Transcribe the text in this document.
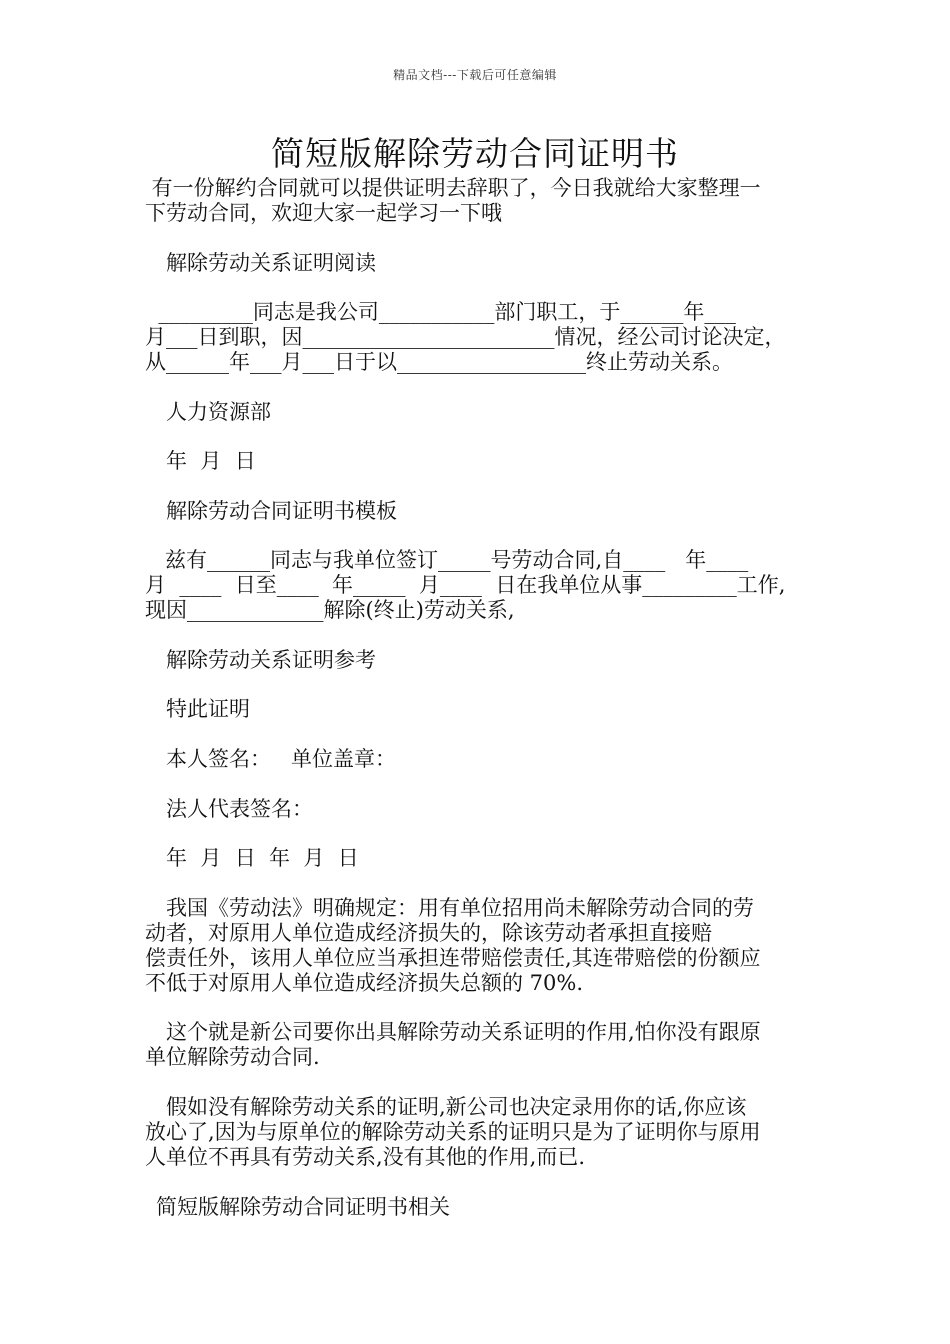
精品文档---下载后可任意编辑
简短版解除劳动合同证明书
有一份解约合同就可以提供证明去辞职了，今日我就给大家整理一
下劳动合同，欢迎大家一起学习一下哦
解除劳动关系证明阅读
_________同志是我公司___________部门职工，于______年___
月___日到职，因________________________情况，经公司讨论决定，
从______年___月___日于以__________________终止劳动关系。
人力资源部
年  月  日
解除劳动合同证明书模板
兹有______同志与我单位签订_____号劳动合同,自____   年____
月  ____  日至____  年_____  月____  日在我单位从事_________工作,
现因_____________解除(终止)劳动关系,
解除劳动关系证明参考
特此证明
本人签名：   单位盖章：
法人代表签名：
年  月  日  年  月  日
我国《劳动法》明确规定：用有单位招用尚未解除劳动合同的劳
动者，对原用人单位造成经济损失的，除该劳动者承担直接赔
偿责任外，该用人单位应当承担连带赔偿责任,其连带赔偿的份额应
不低于对原用人单位造成经济损失总额的 70%.
这个就是新公司要你出具解除劳动关系证明的作用,怕你没有跟原
单位解除劳动合同.
假如没有解除劳动关系的证明,新公司也决定录用你的话,你应该
放心了,因为与原单位的解除劳动关系的证明只是为了证明你与原用
人单位不再具有劳动关系,没有其他的作用,而已.
简短版解除劳动合同证明书相关
